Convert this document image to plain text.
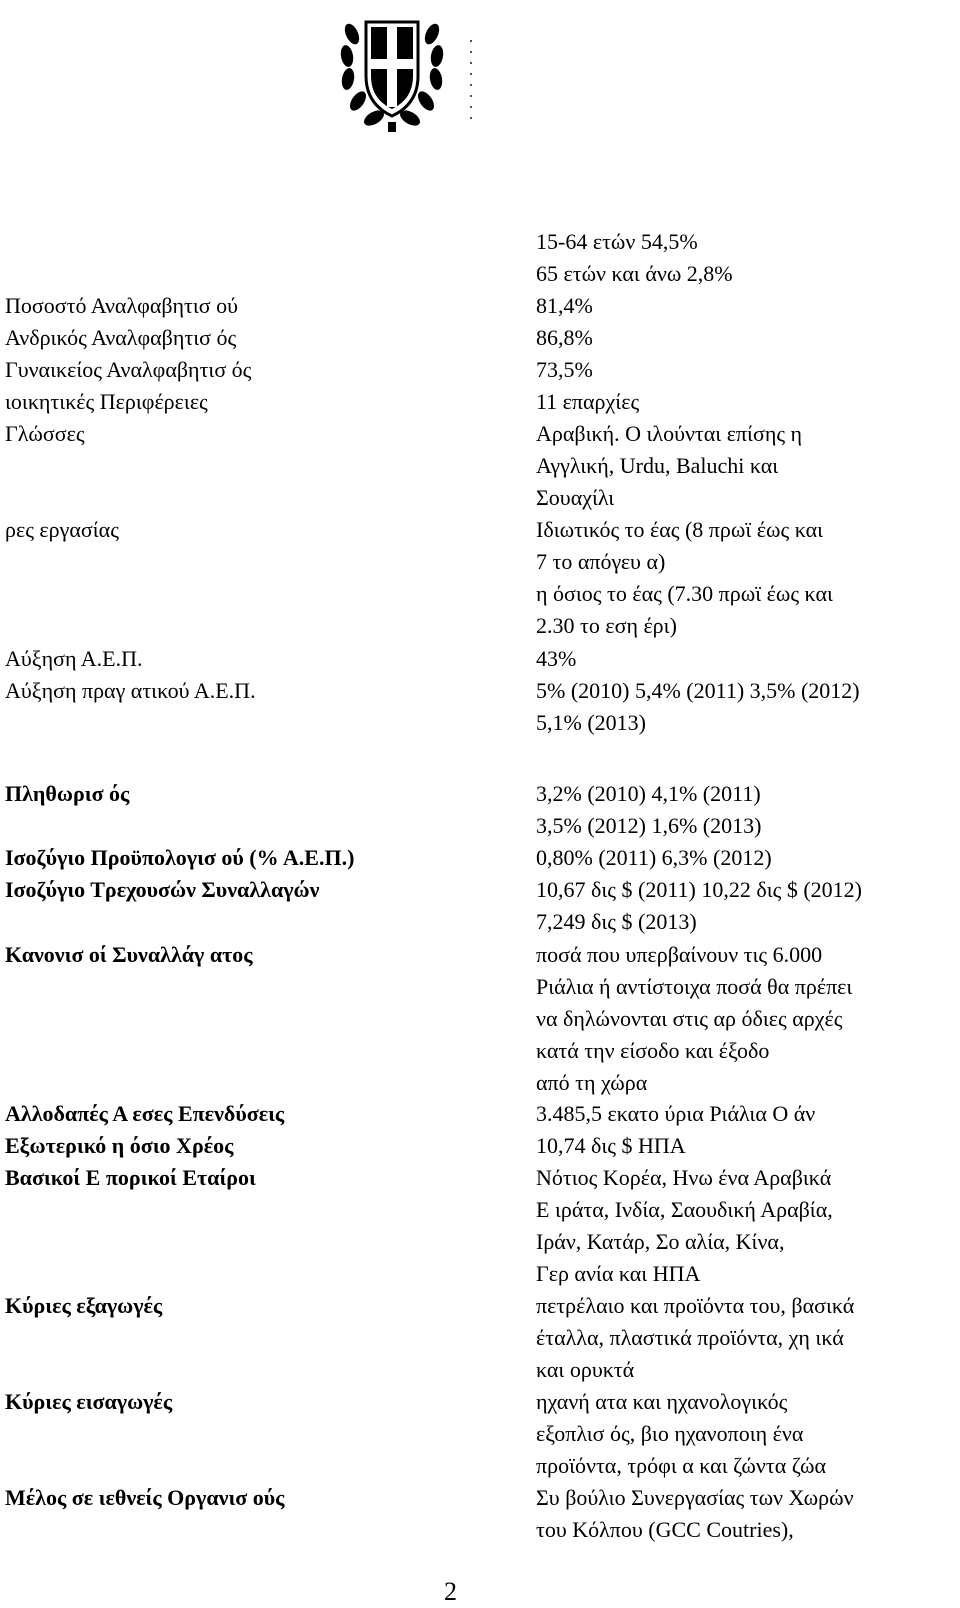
15-64 ετών 54,5%
65 ετών και άνω 2,8%
Ποσοστό Αναλφαβητισ ού	81,4%
Ανδρικός Αναλφαβητισ ός	86,8%
Γυναικείος Αναλφαβητισ ός	73,5%
ιοικητικές Περιφέρειες	11 επαρχίες
Γλώσσες	Αραβική. Ο ιλούνται επίσης η
Αγγλική, Urdu, Baluchi και
Σουαχίλι
ρες εργασίας	Ιδιωτικός το έας (8 πρωϊ έως και
7 το απόγευ α)
η όσιος το έας (7.30 πρωϊ έως και
2.30 το εση έρι)
Αύξηση Α.Ε.Π.	43%
Αύξηση πραγ ατικού Α.Ε.Π.	5% (2010) 5,4% (2011) 3,5% (2012)
5,1% (2013)
Πληθωρισ ός	3,2% (2010) 4,1% (2011)
3,5% (2012) 1,6% (2013)
Ισοζύγιο Προϋπολογισ ού (% Α.Ε.Π.)	0,80% (2011) 6,3% (2012)
Ισοζύγιο Τρεχουσών Συναλλαγών	10,67 δις $ (2011) 10,22 δις $ (2012)
7,249 δις $ (2013)
Κανονισ οί Συναλλάγ ατος	ποσά που υπερβαίνουν τις 6.000
Ριάλια ή αντίστοιχα ποσά θα πρέπει
να δηλώνονται στις αρ όδιες αρχές
κατά την είσοδο και έξοδο
από τη χώρα
Αλλοδαπές Α εσες Επενδύσεις	3.485,5 εκατο ύρια Ριάλια Ο άν
Εξωτερικό η όσιο Χρέος	10,74 δις $ ΗΠΑ
Βασικοί Ε πορικοί Εταίροι	Νότιος Κορέα, Ηνω ένα Αραβικά
Ε ιράτα, Ινδία, Σαουδική Αραβία,
Ιράν, Κατάρ, Σο αλία, Κίνα,
Γερ ανία και ΗΠΑ
Κύριες εξαγωγές	πετρέλαιο και προϊόντα του, βασικά
έταλλα, πλαστικά προϊόντα, χη ικά
και ορυκτά
Κύριες εισαγωγές	ηχανή ατα και ηχανολογικός
εξοπλισ ός, βιο ηχανοποιη ένα
προϊόντα, τρόφι α και ζώντα ζώα
Μέλος σε ιεθνείς Οργανισ ούς	Συ βούλιο Συνεργασίας των Χωρών
του Κόλπου (GCC Coutries),
2
